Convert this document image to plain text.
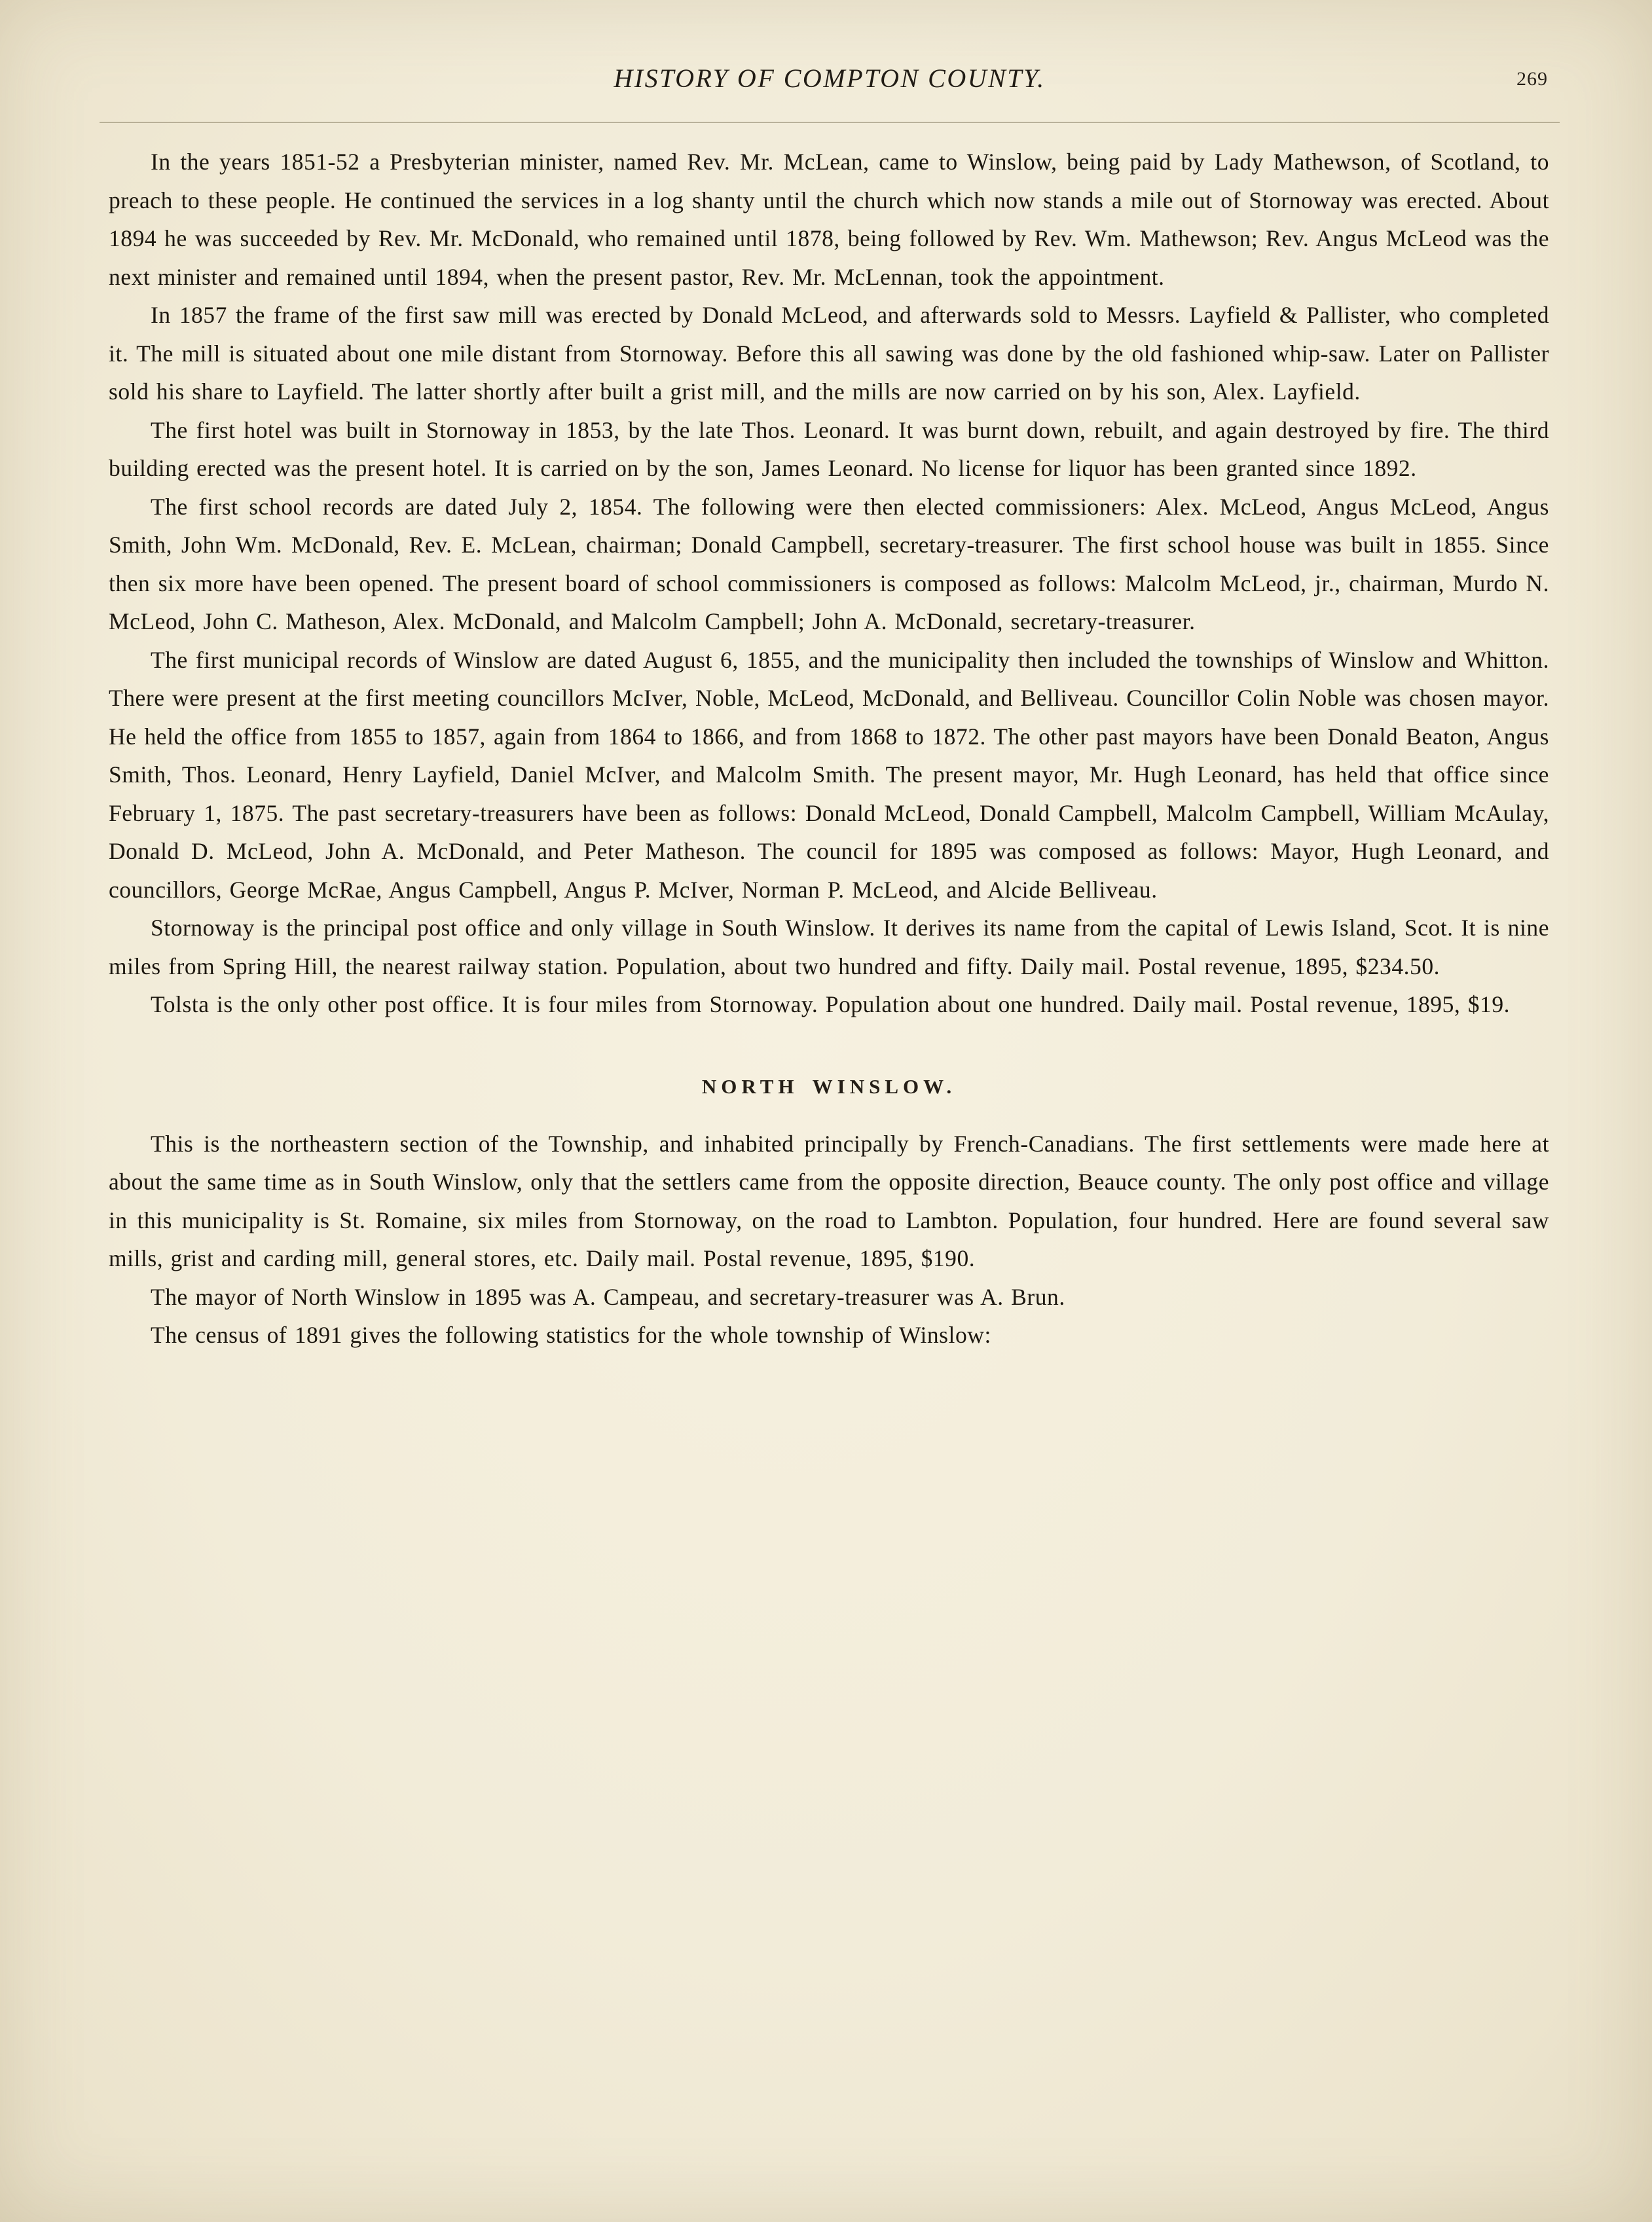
HISTORY OF COMPTON COUNTY.	269

In the years 1851-52 a Presbyterian minister, named Rev. Mr. McLean, came to Winslow, being paid by Lady Mathewson, of Scotland, to preach to these people. He continued the services in a log shanty until the church which now stands a mile out of Stornoway was erected. About 1894 he was succeeded by Rev. Mr. McDonald, who remained until 1878, being followed by Rev. Wm. Mathewson; Rev. Angus McLeod was the next minister and remained until 1894, when the present pastor, Rev. Mr. McLennan, took the appointment.

In 1857 the frame of the first saw mill was erected by Donald McLeod, and afterwards sold to Messrs. Layfield & Pallister, who completed it. The mill is situated about one mile distant from Stornoway. Before this all sawing was done by the old fashioned whip-saw. Later on Pallister sold his share to Layfield. The latter shortly after built a grist mill, and the mills are now carried on by his son, Alex. Layfield.

The first hotel was built in Stornoway in 1853, by the late Thos. Leonard. It was burnt down, rebuilt, and again destroyed by fire. The third building erected was the present hotel. It is carried on by the son, James Leonard. No license for liquor has been granted since 1892.

The first school records are dated July 2, 1854. The following were then elected commissioners: Alex. McLeod, Angus McLeod, Angus Smith, John Wm. McDonald, Rev. E. McLean, chairman; Donald Campbell, secretary-treasurer. The first school house was built in 1855. Since then six more have been opened. The present board of school commissioners is composed as follows: Malcolm McLeod, jr., chairman, Murdo N. McLeod, John C. Matheson, Alex. McDonald, and Malcolm Campbell; John A. McDonald, secretary-treasurer.

The first municipal records of Winslow are dated August 6, 1855, and the municipality then included the townships of Winslow and Whitton. There were present at the first meeting councillors McIver, Noble, McLeod, McDonald, and Belliveau. Councillor Colin Noble was chosen mayor. He held the office from 1855 to 1857, again from 1864 to 1866, and from 1868 to 1872. The other past mayors have been Donald Beaton, Angus Smith, Thos. Leonard, Henry Layfield, Daniel McIver, and Malcolm Smith. The present mayor, Mr. Hugh Leonard, has held that office since February 1, 1875. The past secretary-treasurers have been as follows: Donald McLeod, Donald Campbell, Malcolm Campbell, William McAulay, Donald D. McLeod, John A. McDonald, and Peter Matheson. The council for 1895 was composed as follows: Mayor, Hugh Leonard, and councillors, George McRae, Angus Campbell, Angus P. McIver, Norman P. McLeod, and Alcide Belliveau.

Stornoway is the principal post office and only village in South Winslow. It derives its name from the capital of Lewis Island, Scot. It is nine miles from Spring Hill, the nearest railway station. Population, about two hundred and fifty. Daily mail. Postal revenue, 1895, $234.50.

Tolsta is the only other post office. It is four miles from Stornoway. Population about one hundred. Daily mail. Postal revenue, 1895, $19.

NORTH WINSLOW.

This is the northeastern section of the Township, and inhabited principally by French-Canadians. The first settlements were made here at about the same time as in South Winslow, only that the settlers came from the opposite direction, Beauce county. The only post office and village in this municipality is St. Romaine, six miles from Stornoway, on the road to Lambton. Population, four hundred. Here are found several saw mills, grist and carding mill, general stores, etc. Daily mail. Postal revenue, 1895, $190.

The mayor of North Winslow in 1895 was A. Campeau, and secretary-treasurer was A. Brun.

The census of 1891 gives the following statistics for the whole township of Winslow:
